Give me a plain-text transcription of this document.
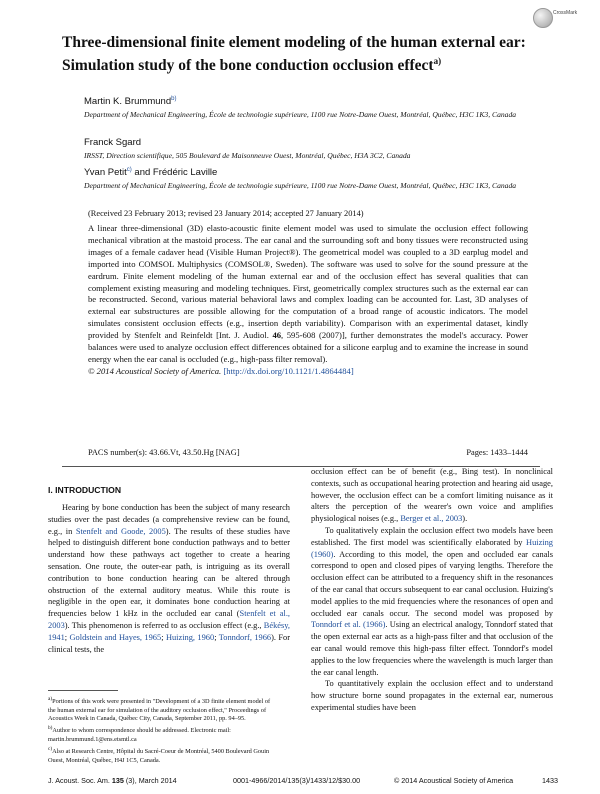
CrossMark
Three-dimensional finite element modeling of the human external ear: Simulation study of the bone conduction occlusion effect$^{a)}$
Martin K. Brummund$^{b)}$
Department of Mechanical Engineering, École de technologie supérieure, 1100 rue Notre-Dame Ouest, Montréal, Québec, H3C 1K3, Canada
Franck Sgard
IRSST, Direction scientifique, 505 Boulevard de Maisonneuve Ouest, Montréal, Québec, H3A 3C2, Canada
Yvan Petit$^{c)}$ and Frédéric Laville
Department of Mechanical Engineering, École de technologie supérieure, 1100 rue Notre-Dame Ouest, Montréal, Québec, H3C 1K3, Canada
(Received 23 February 2013; revised 23 January 2014; accepted 27 January 2014)
A linear three-dimensional (3D) elasto-acoustic finite element model was used to simulate the occlusion effect following mechanical vibration at the mastoid process. The ear canal and the surrounding soft and bony tissues were reconstructed using images of a female cadaver head (Visible Human Project®). The geometrical model was coupled to a 3D earplug model and imported into COMSOL Multiphysics (COMSOL®, Sweden). The software was used to solve for the sound pressure at the eardrum. Finite element modeling of the human external ear and of the occlusion effect has several qualities that can complement existing measuring and modeling techniques. First, geometrically complex structures such as the external ear can be reconstructed. Second, various material behavioral laws and complex loading can be accounted for. Last, 3D analyses of external ear substructures are possible allowing for the computation of a broad range of acoustic indicators. The model simulates consistent occlusion effects (e.g., insertion depth variability). Comparison with an experimental dataset, kindly provided by Stenfelt and Reinfeldt [Int. J. Audiol. 46, 595-608 (2007)], further demonstrates the model's accuracy. Power balances were used to analyze occlusion effect differences obtained for a silicone earplug and to examine the increase in sound energy when the ear canal is occluded (e.g., high-pass filter removal).
© 2014 Acoustical Society of America. [http://dx.doi.org/10.1121/1.4864484]
PACS number(s): 43.66.Vt, 43.50.Hg [NAG]	Pages: 1433–1444
I. INTRODUCTION

Hearing by bone conduction has been the subject of many research studies over the past decades (a comprehensive review can be found, e.g., in Stenfelt and Goode, 2005). The results of these studies have helped to distinguish different bone conduction pathways and to better understand how these pathways act together to create a hearing sensation. One route, the outer-ear path, is intriguing as its overall contribution to bone conduction hearing can be altered through obstruction of the external auditory meatus. While this route is negligible in the open ear, it dominates bone conduction hearing at frequencies below 1 kHz in the occluded ear canal (Stenfelt et al., 2003). This phenomenon is referred to as occlusion effect (e.g., Békésy, 1941; Goldstein and Hayes, 1965; Huizing, 1960; Tonndorf, 1966). For clinical tests, the

occlusion effect can be of benefit (e.g., Bing test). In nonclinical contexts, such as occupational hearing protection and hearing aid usage, however, the occlusion effect can be a comfort limiting nuisance as it alters the perception of the wearer's own voice and amplifies physiological noises (e.g., Berger et al., 2003).

To qualitatively explain the occlusion effect two models have been established. The first model was scientifically elaborated by Huizing (1960). According to this model, the open and occluded ear canals correspond to open and closed pipes of varying lengths. Therefore the occlusion effect can be attributed to a frequency shift in the resonances of the ear canal that occurs subsequent to ear canal occlusion. Huizing's model applies to the mid frequencies where the resonances of open and occluded ear canals occur. The second model was proposed by Tonndorf et al. (1966). Using an electrical analogy, Tonndorf stated that the open external ear acts as a high-pass filter and that occlusion of the ear canal would remove this high-pass filter effect. Tonndorf's model applies to the low frequencies where the wavelength is much larger than the ear canal length.

To quantitatively explain the occlusion effect and to understand how structure borne sound propagates in the external ear, numerous experimental studies have been

$^{a)}$Portions of this work were presented in "Development of a 3D finite element model of the human external ear for simulation of the auditory occlusion effect," Proceedings of Acoustics Week in Canada, Québec City, Canada, September 2011, pp. 94–95.

$^{b)}$Author to whom correspondence should be addressed. Electronic mail: martin.brummund.1@ens.etsmtl.ca

$^{c)}$Also at Research Centre, Hôpital du Sacré-Coeur de Montréal, 5400 Boulevard Gouin Ouest, Montréal, Québec, H4J 1C5, Canada.

J. Acoust. Soc. Am. 135 (3), March 2014	0001-4966/2014/135(3)/1433/12/$30.00	© 2014 Acoustical Society of America	1433
